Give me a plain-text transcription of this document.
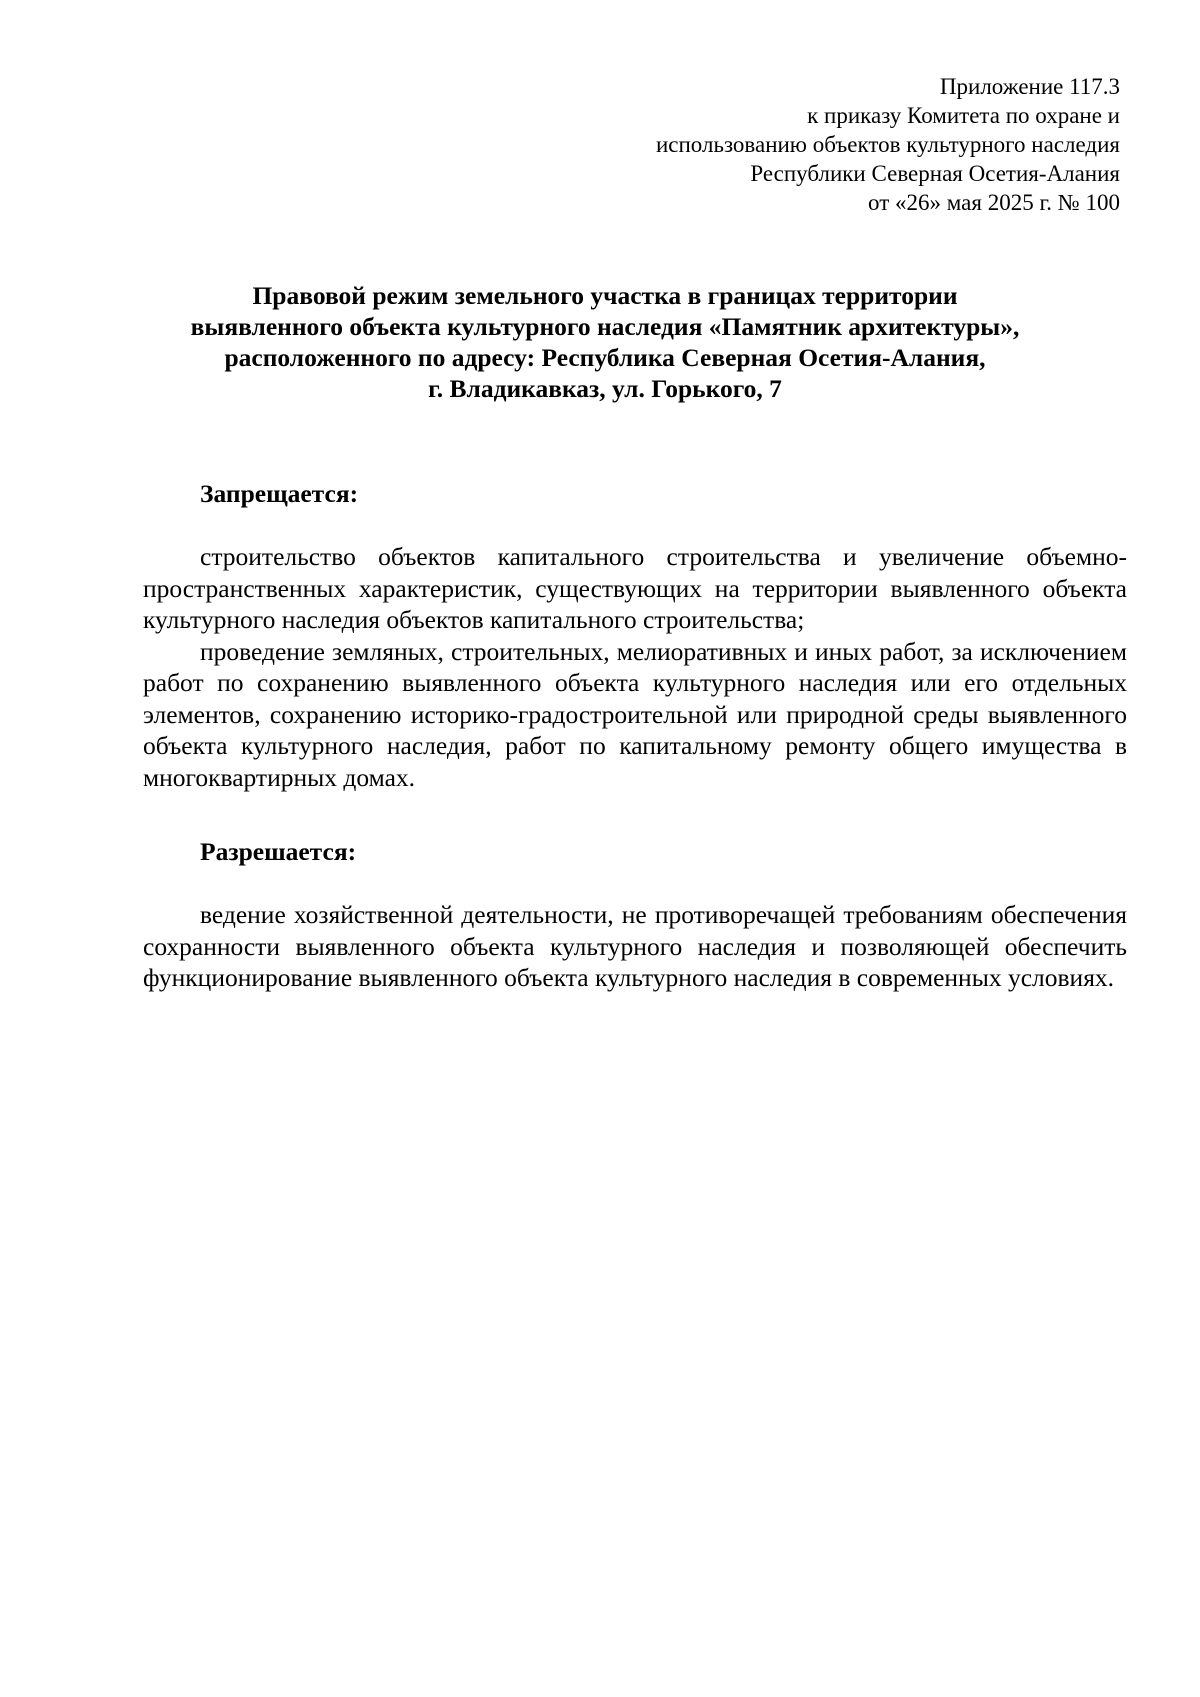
Приложение 117.3
к приказу Комитета по охране и
использованию объектов культурного наследия
Республики Северная Осетия-Алания
от «26» мая 2025 г. № 100
Правовой режим земельного участка в границах территории
выявленного объекта культурного наследия «Памятник архитектуры»,
расположенного по адресу: Республика Северная Осетия-Алания,
г. Владикавказ, ул. Горького, 7
Запрещается:

строительство объектов капитального строительства и увеличение объемно-пространственных характеристик, существующих на территории выявленного объекта культурного наследия объектов капитального строительства;

проведение земляных, строительных, мелиоративных и иных работ, за исключением работ по сохранению выявленного объекта культурного наследия или его отдельных элементов, сохранению историко-градостроительной или природной среды выявленного объекта культурного наследия, работ по капитальному ремонту общего имущества в многоквартирных домах.

Разрешается:

ведение хозяйственной деятельности, не противоречащей требованиям обеспечения сохранности выявленного объекта культурного наследия и позволяющей обеспечить функционирование выявленного объекта культурного наследия в современных условиях.
